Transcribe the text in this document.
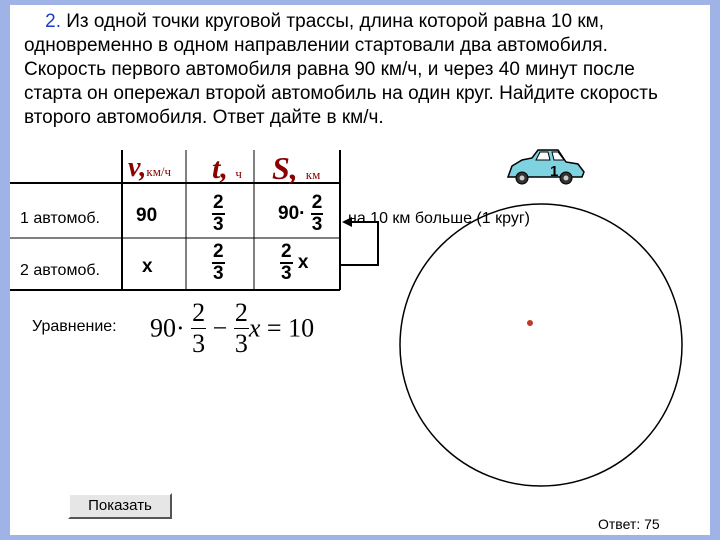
2. Из одной точки круговой трассы, длина которой равна 10 км, одновременно в одном направлении стартовали два автомобиля. Скорость первого автомобиля равна 90 км/ч, и через 40 минут после старта он опережал второй автомобиль на один круг. Найдите скорость второго автомобиля. Ответ дайте в км/ч.
1
v,км/ч t, ч S, км
1 автомоб. 90	$\frac{2}{3}$	$90\cdot \frac{2}{3}$
2 автомоб. x	$\frac{2}{3}$	$\frac{2}{3}$ x
на 10 км больше (1 круг)
Уравнение: $90\cdot \frac{2}{3} - \frac{2}{3}$ x = 10
Показать
Ответ: 75
